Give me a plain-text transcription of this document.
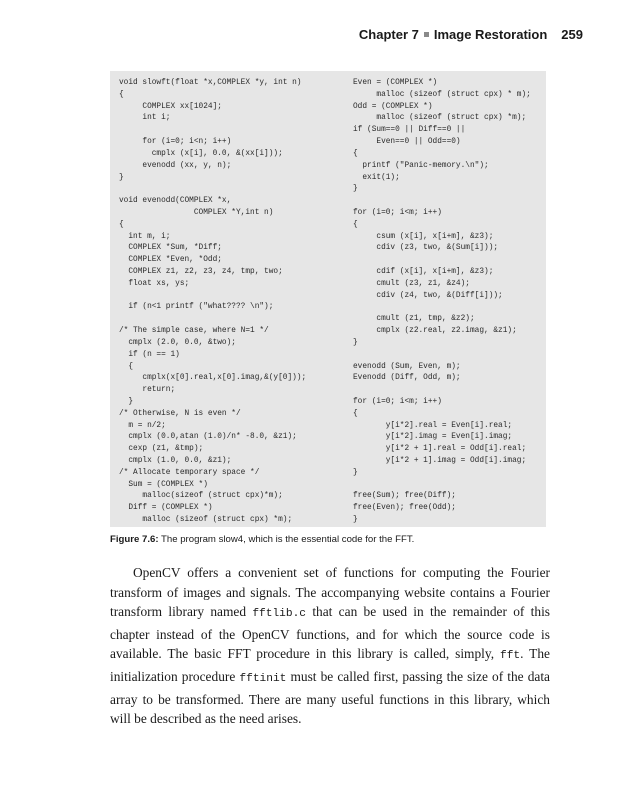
Chapter 7 Image Restoration 259
void slowft(float *x,COMPLEX *y, int n)
{
COMPLEX xx[1024];
int i;

for (i=0; i<n; i++)
cmplx (x[i], 0.0, &(xx[i]));
evenodd (xx, y, n);
}

void evenodd(COMPLEX *x,
COMPLEX *Y,int n)
{
int m, i;
COMPLEX *Sum, *Diff;
COMPLEX *Even, *Odd;
COMPLEX z1, z2, z3, z4, tmp, two;
float xs, ys;

if (n<1 printf ("what???? \n");

/* The simple case, where N=1 */
cmplx (2.0, 0.0, &two);
if (n == 1)
{
cmplx(x[0].real,x[0].imag,&(y[0]));
return;
}
/* Otherwise, N is even */
m = n/2;
cmplx (0.0,atan (1.0)/n* -8.0, &z1);
cexp (z1, &tmp);
cmplx (1.0, 0.0, &z1);
/* Allocate temporary space */
Sum = (COMPLEX *)
malloc(sizeof (struct cpx)*m);
Diff = (COMPLEX *)
malloc (sizeof (struct cpx) *m);
Even = (COMPLEX *)
malloc (sizeof (struct cpx) * m);
Odd = (COMPLEX *)
malloc (sizeof (struct cpx) *m);
if (Sum==0 || Diff==0 ||
Even==0 || Odd==0)
{
printf ("Panic-memory.\n");
exit(1);
}

for (i=0; i<m; i++)
{
csum (x[i], x[i+m], &z3);
cdiv (z3, two, &(Sum[i]));

cdif (x[i], x[i+m], &z3);
cmult (z3, z1, &z4);
cdiv (z4, two, &(Diff[i]));

cmult (z1, tmp, &z2);
cmplx (z2.real, z2.imag, &z1);
}

evenodd (Sum, Even, m);
Evenodd (Diff, Odd, m);

for (i=0; i<m; i++)
{
y[i*2].real = Even[i].real;
y[i*2].imag = Even[i].imag;
y[i*2 + 1].real = Odd[i].real;
y[i*2 + 1].imag = Odd[i].imag;
}

free(Sum); free(Diff);
free(Even); free(Odd);
}
Figure 7.6: The program slow4, which is the essential code for the FFT.

OpenCV offers a convenient set of functions for computing the Fourier transform of images and signals. The accompanying website contains a Fourier transform library named fftlib.c that can be used in the remainder of this chapter instead of the OpenCV functions, and for which the source code is available. The basic FFT procedure in this library is called, simply, fft. The initialization procedure fftinit must be called first, passing the size of the data array to be transformed. There are many useful functions in this library, which will be described as the need arises.
